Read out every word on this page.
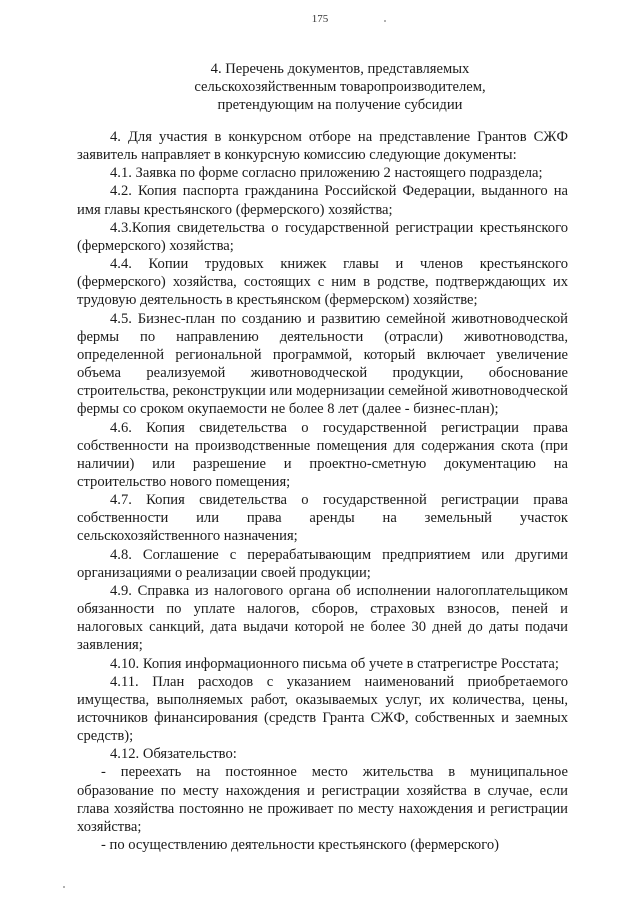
175
4. Перечень документов, представляемых
сельскохозяйственным товаропроизводителем,
претендующим на получение субсидии

4. Для участия в конкурсном отборе на представление Грантов СЖФ заявитель направляет в конкурсную комиссию следующие документы:

4.1. Заявка по форме согласно приложению 2 настоящего подраздела;

4.2. Копия паспорта гражданина Российской Федерации, выданного на имя главы крестьянского (фермерского) хозяйства;

4.3.Копия свидетельства о государственной регистрации крестьянского (фермерского) хозяйства;

4.4. Копии трудовых книжек главы и членов крестьянского (фермерского) хозяйства, состоящих с ним в родстве, подтверждающих их трудовую деятельность в крестьянском (фермерском) хозяйстве;

4.5. Бизнес-план по созданию и развитию семейной животноводческой фермы по направлению деятельности (отрасли) животноводства, определенной региональной программой, который включает увеличение объема реализуемой животноводческой продукции, обоснование строительства, реконструкции или модернизации семейной животноводческой фермы со сроком окупаемости не более 8 лет (далее - бизнес-план);

4.6. Копия свидетельства о государственной регистрации права собственности на производственные помещения для содержания скота (при наличии) или разрешение и проектно-сметную документацию на строительство нового помещения;

4.7. Копия свидетельства о государственной регистрации права собственности или права аренды на земельный участок сельскохозяйственного назначения;

4.8. Соглашение с перерабатывающим предприятием или другими организациями о реализации своей продукции;

4.9. Справка из налогового органа об исполнении налогоплательщиком обязанности по уплате налогов, сборов, страховых взносов, пеней и налоговых санкций, дата выдачи которой не более 30 дней до даты подачи заявления;

4.10. Копия информационного письма об учете в статрегистре Росстата;

4.11. План расходов с указанием наименований приобретаемого имущества, выполняемых работ, оказываемых услуг, их количества, цены, источников финансирования (средств Гранта СЖФ, собственных и заемных средств);

4.12. Обязательство:

- переехать на постоянное место жительства в муниципальное образование по месту нахождения и регистрации хозяйства в случае, если глава хозяйства постоянно не проживает по месту нахождения и регистрации хозяйства;

- по осуществлению деятельности крестьянского (фермерского)
